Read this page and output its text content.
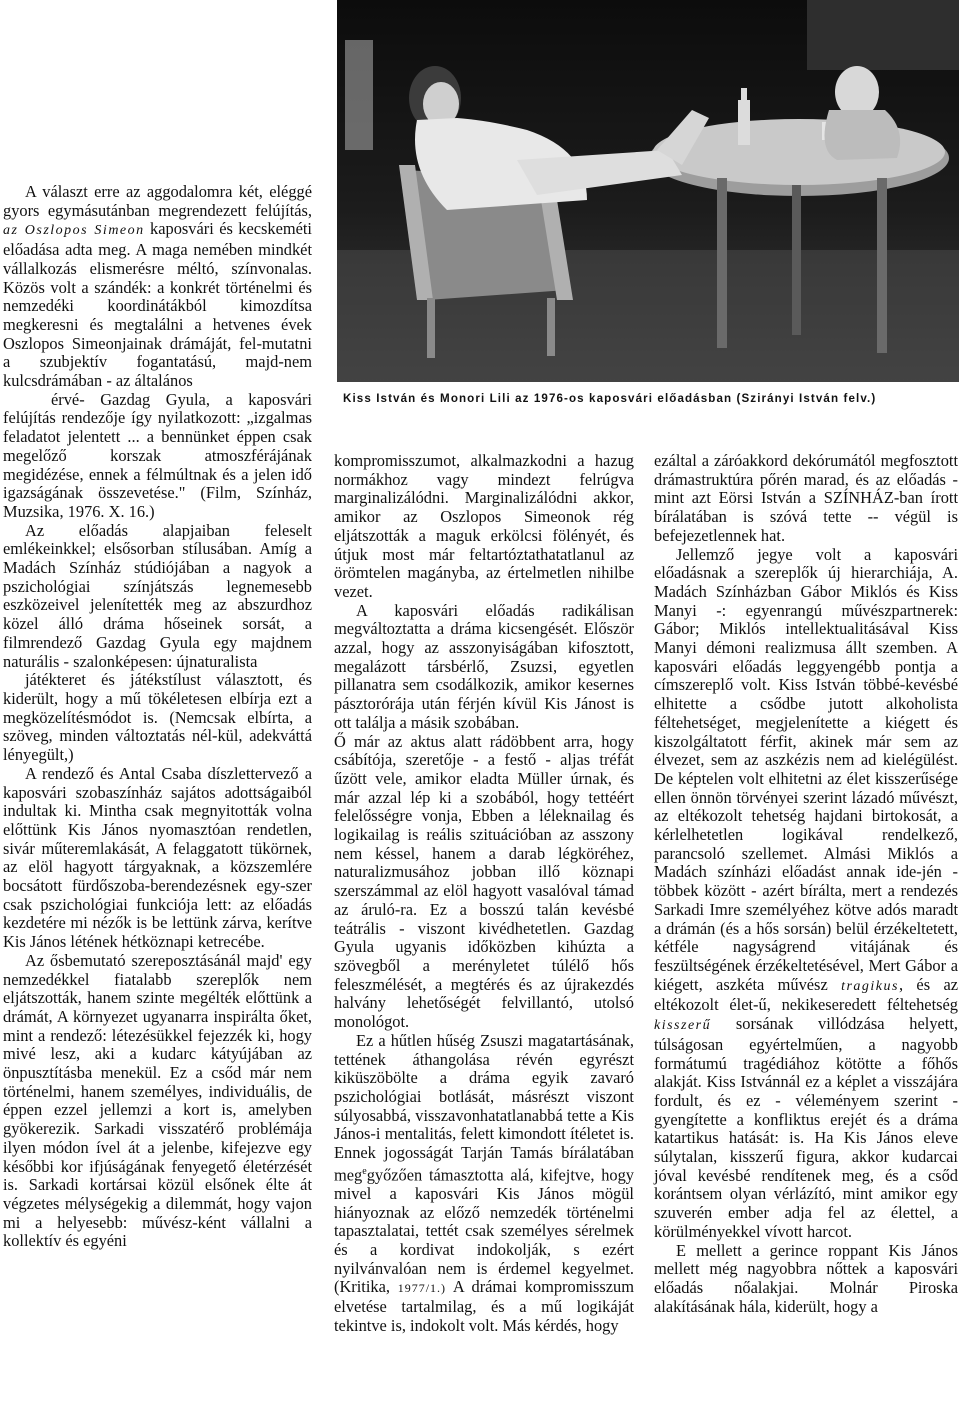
Kiss István és Monori Lili az 1976-os kaposvári előadásban (Szirányi István felv.)

A választ erre az aggodalomra két, eléggé gyors egymásutánban megrendezett felújítás, az Oszlopos Simeon kaposvári és kecskeméti előadása adta meg. A maga nemében mindkét vállalkozás elismerésre méltó, színvonalas. Közös volt a szándék: a konkrét történelmi és nemzedéki koordinátákból kimozdítsa megkeresni és megtalálni a hetvenes évek Oszlopos Simeonjainak drámáját, fel-mutatni a szubjektív fogantatású, majd-nem kulcsdrámában - az általános

érvé- Gazdag Gyula, a kaposvári felújítás rendezője így nyilatkozott: „izgalmas feladatot jelentett ... a bennünket éppen csak megelőző korszak atmoszférájának megidézése, ennek a félmúltnak és a jelen idő igazságának összevetése." (Film, Színház, Muzsika, 1976. X. 16.)

Az előadás alapjaiban feleselt emlékeinkkel; elsősorban stílusában. Amíg a Madách Színház stúdiójában a nagyok a pszichológiai színjátszás legnemesebb eszközeivel jelenítették meg az abszurdhoz közel álló dráma hőseinek sorsát, a filmrendező Gazdag Gyula egy majdnem naturális - szalonképesen: újnaturalista

játékteret és játékstílust választott, és kiderült, hogy a mű tökéletesen elbírja ezt a megközelítésmódot is. (Nemcsak elbírta, a szöveg, minden változtatás nél-kül, adekváttá lényegült,)

A rendező és Antal Csaba díszlettervező a kaposvári szobaszínház sajátos adottságaiból indultak ki. Mintha csak megnyitották volna előttünk Kis János nyomasztóan rendetlen, sivár műteremlakását, A felaggatott tükörnek, az elöl hagyott tárgyaknak, a közszemlére bocsátott fürdőszoba-berendezésnek egy-szer csak pszichológiai funkciója lett: az előadás kezdetére mi nézők is be lettünk zárva, kerítve Kis János létének hétköznapi ketrecébe.

Az ősbemutató szereposztásánál majd' egy nemzedékkel fiatalabb szereplők nem eljátszották, hanem szinte megélték előttünk a drámát, A környezet ugyanarra inspirálta őket, mint a rendező: létezésükkel fejezzék ki, hogy mivé lesz, aki a kudarc kátyújában az önpusztításba menekül. Ez a csőd már nem történelmi, hanem személyes, individuális, de éppen ezzel jellemzi a kort is, amelyben gyökerezik. Sarkadi visszatérő problémája ilyen módon ível át a jelenbe, kifejezve egy későbbi kor ifjúságának fenyegető életérzését is. Sarkadi kortársai közül elsőnek élte át végzetes mélységekig a dilemmát, hogy vajon mi a helyesebb: művész-ként vállalni a kollektív és egyéni

kompromisszumot, alkalmazkodni a hazug normákhoz vagy mindezt felrúgva marginalizálódni. Marginalizálódni akkor, amikor az Oszlopos Simeonok rég eljátszották a maguk erkölcsi fölényét, és útjuk most már feltartóztathatatlanul az örömtelen magányba, az értelmetlen nihilbe vezet.

A kaposvári előadás radikálisan megváltoztatta a dráma kicsengését. Először azzal, hogy az asszonyiságában kifosztott, megalázott társbérlő, Zsuzsi, egyetlen pillanatra sem csodálkozik, amikor kesernes pásztorórája után férjén kívül Kis Jánost is ott találja a másik szobában.

Ő már az aktus alatt rádöbbent arra, hogy csábítója, szeretője - a festő - aljas tréfát űzött vele, amikor eladta Müller úrnak, és már azzal lép ki a szobából, hogy tettéért felelősségre vonja, Ebben a léleknailag és logikailag is reális szituációban az asszony nem késsel, hanem a darab légköréhez, naturalizmusához jobban illő köznapi szerszámmal az elöl hagyott vasalóval támad az áruló-ra. Ez a bosszú talán kevésbé teátrális - viszont kivédhetetlen. Gazdag Gyula ugyanis időközben kihúzta a szövegből a merényletet túlélő hős feleszmélését, a megtérés és az újrakezdés halvány lehetőségét felvillantó, utolsó monológot.

Ez a hűtlen hűség Zsuszi magatartásának, tettének áthangolása révén egyrészt kiküszöbölte a dráma egyik zavaró pszichológiai botlását, másrészt viszont súlyosabbá, visszavonhatatlanabbá tette a Kis János-i mentalitás, felett kimondott ítéletet is. Ennek jogosságát Tarján Tamás bírálatában meg$^e$győzően támasztotta alá, kifejtve, hogy mivel a kaposvári Kis János mögül hiányoznak az előző nemzedék történelmi tapasztalatai, tettét csak személyes sérelmek és a kordivat indokolják, s ezért nyilvánvalóan nem is érdemel kegyelmet. (Kritika, 1977/1.) A drámai kompromisszum elvetése tartalmilag, és a mű logikáját tekintve is, indokolt volt. Más kérdés, hogy

ezáltal a záróakkord dekórumától megfosztott drámastruktúra pőrén marad, és az előadás - mint azt Eörsi István a SZÍNHÁZ-ban írott bírálatában is szóvá tette -- végül is befejezetlennek hat.

Jellemző jegye volt a kaposvári előadásnak a szereplők új hierarchiája, A. Madách Színházban Gábor Miklós és Kiss Manyi -: egyenrangú művészpartnerek: Gábor; Miklós intellektualitásával Kiss Manyi démoni realizmusa állt szemben. A kaposvári előadás leggyengébb pontja a címszereplő volt. Kiss István többé-kevésbé elhitette a csődbe jutott alkoholista féltehetséget, megjelenítette a kiégett és kiszolgáltatott férfit, akinek már sem az élvezet, sem az aszkézis nem ad kielégülést. De képtelen volt elhitetni az élet kisszerűsége ellen önnön törvényei szerint lázadó művészt, az eltékozolt tehetség hajdani birtokosát, a kérlelhetetlen logikával rendelkező, parancsoló szellemet. Almási Miklós a Madách színházi előadást annak ide-jén - többek között - azért bírálta, mert a rendezés Sarkadi Imre személyéhez kötve adós maradt a drámán (és a hős sorsán) belül érzékeltetett, kétféle nagyságrend vitájának és feszültségének érzékeltetésével, Mert Gábor a kiégett, aszkéta művész tragikus, és az eltékozolt élet-ű, nekikeseredett féltehetség kisszerű sorsának villódzása helyett, túlságosan egyértelműen, a nagyobb formátumú tragédiához kötötte a főhős alakját. Kiss Istvánnál ez a képlet a visszájára fordult, és ez - véleményem szerint - gyengítette a konfliktus erejét és a dráma katartikus hatását: is. Ha Kis János eleve súlytalan, kisszerű figura, akkor kudarcai jóval kevésbé rendítenek meg, és a csőd korántsem olyan vérlázító, mint amikor egy szuverén ember adja fel az élettel, a körülményekkel vívott harcot.

E mellett a gerince roppant Kis János mellett még nagyobbra nőttek a kaposvári előadás nőalakjai. Molnár Piroska alakításának hála, kiderült, hogy a
